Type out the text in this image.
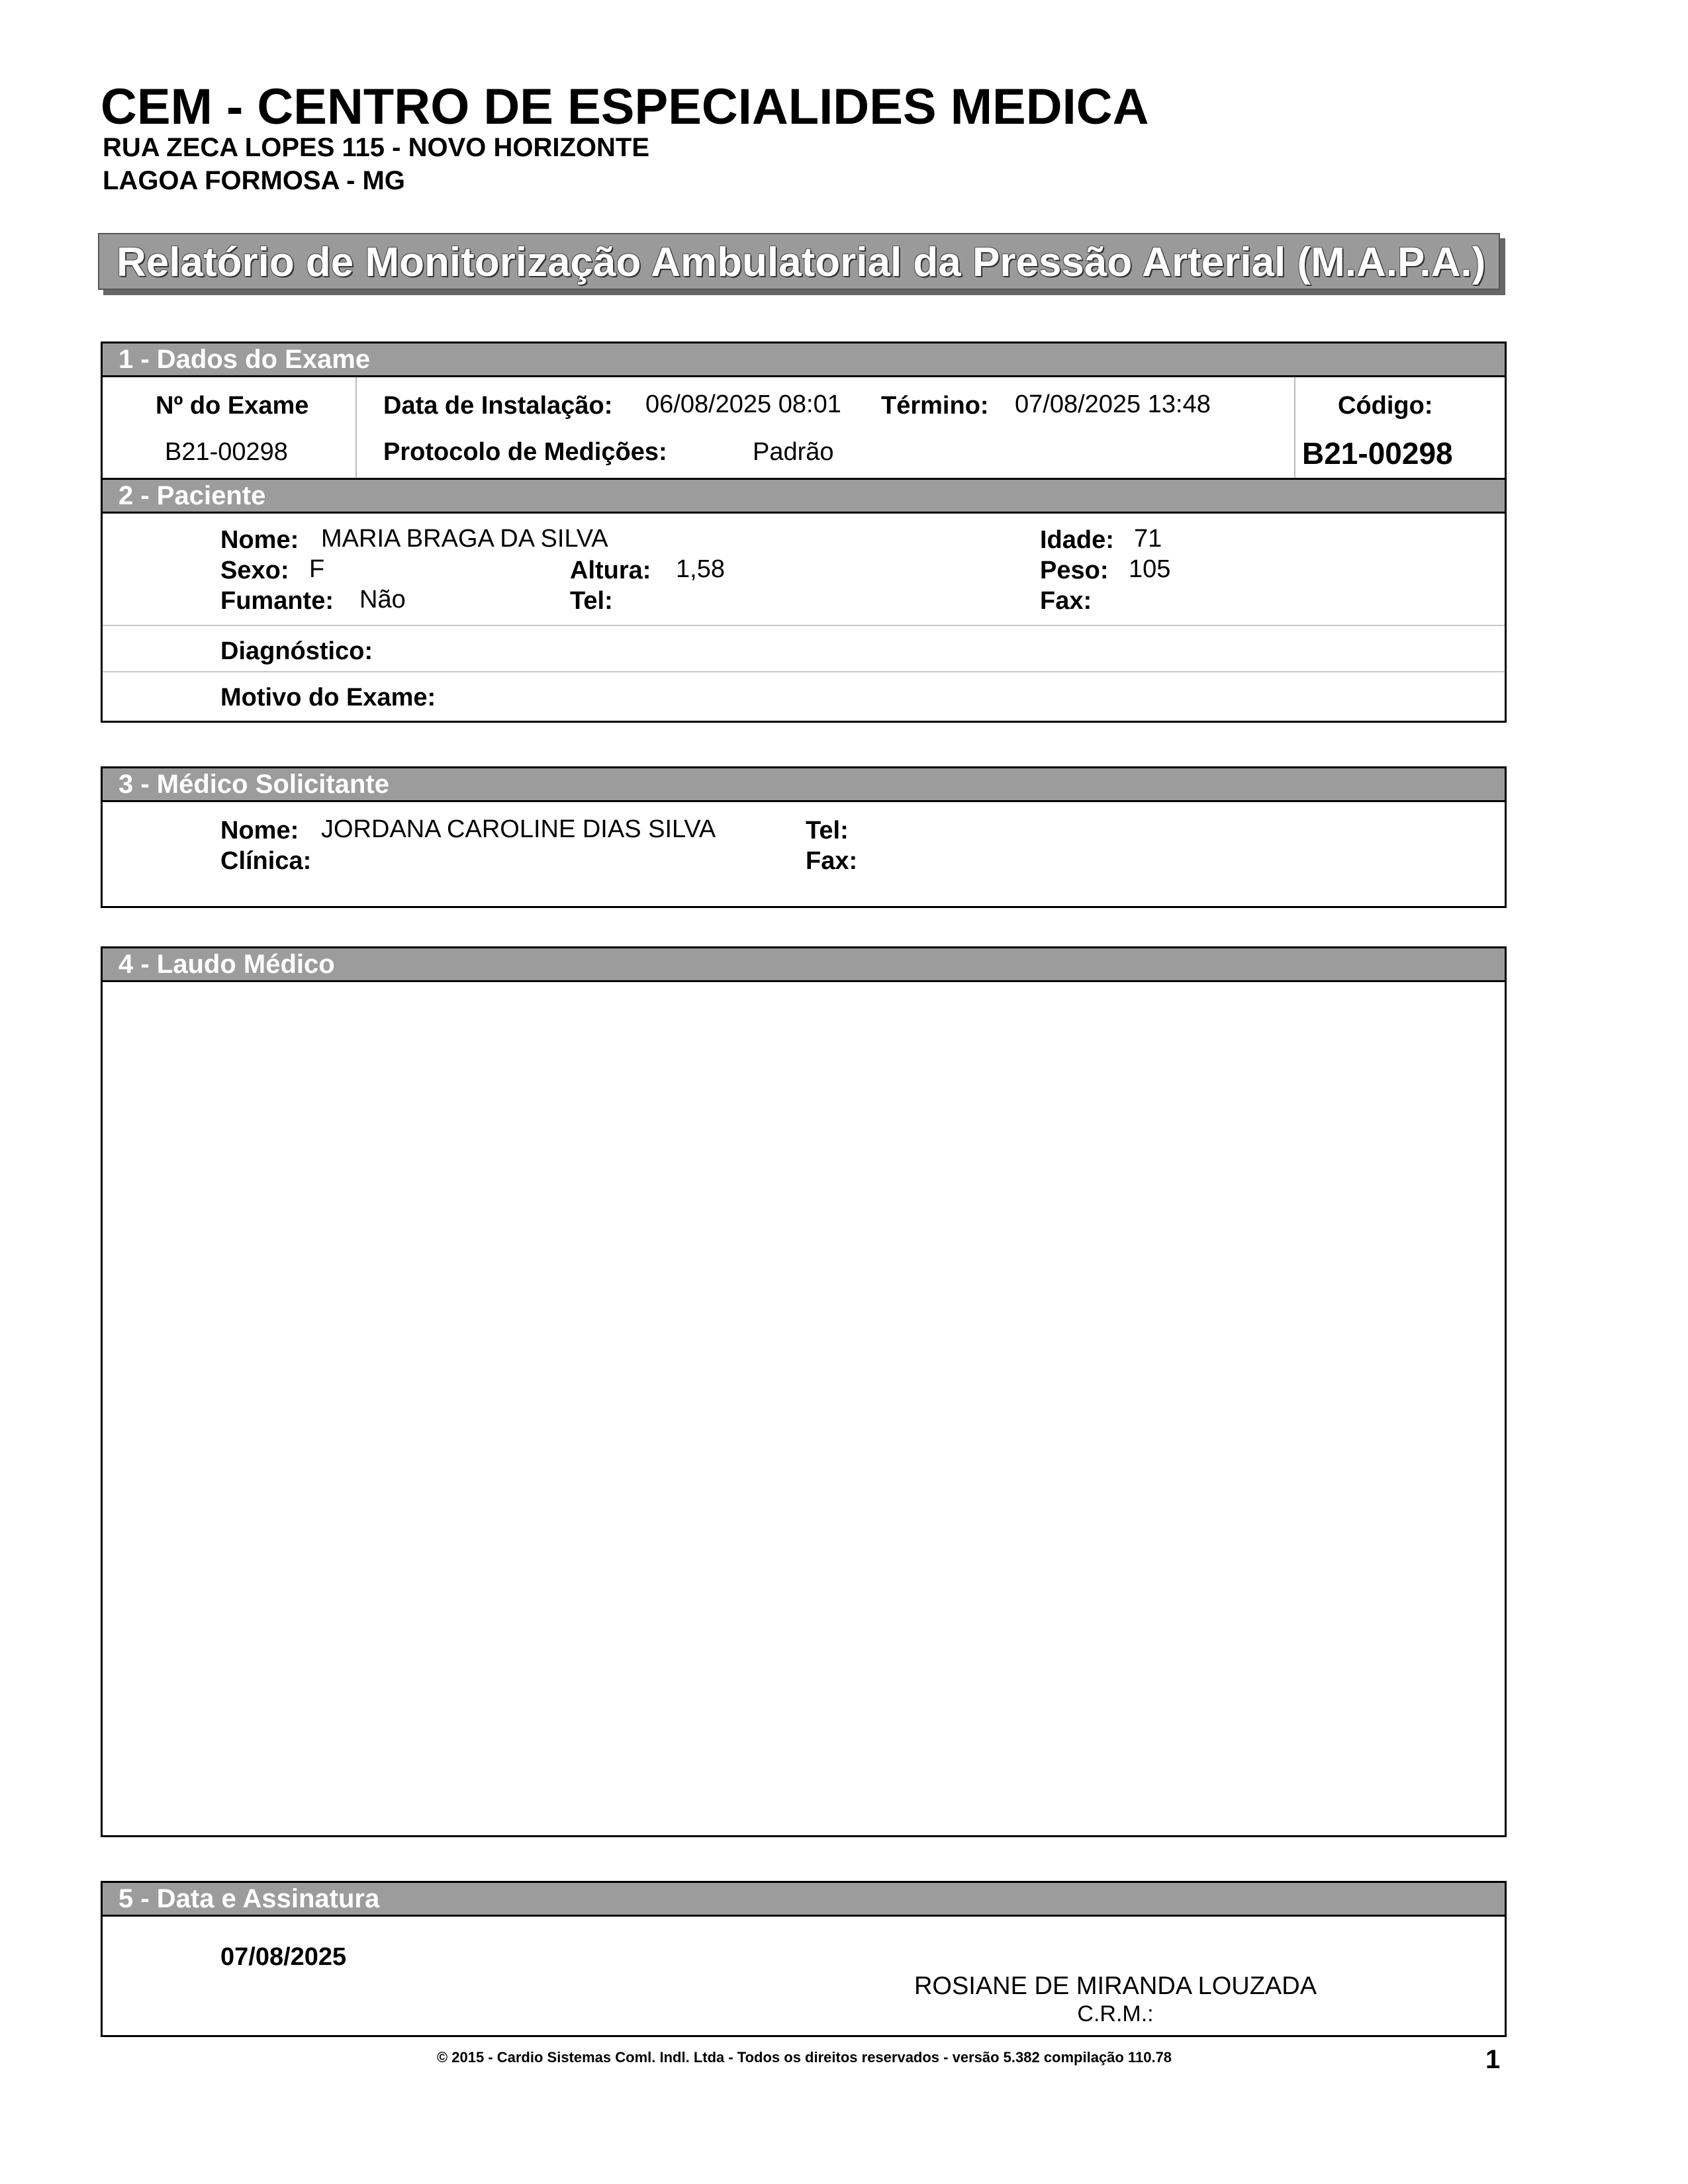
CEM - CENTRO DE ESPECIALIDES MEDICA
RUA ZECA LOPES 115 - NOVO HORIZONTE
LAGOA FORMOSA - MG
Relatório de Monitorização Ambulatorial da Pressão Arterial (M.A.P.A.)
1 - Dados do Exame
Nº do Exame
B21-00298
Data de Instalação: 06/08/2025 08:01 Término: 07/08/2025 13:48
Protocolo de Medições:	Padrão
Código:
B21-00298
2 - Paciente
Nome: MARIA BRAGA DA SILVA	Idade: 71
Sexo: F	Altura: 1,58	Peso: 105
Fumante: Não	Tel:	Fax:
Diagnóstico:
Motivo do Exame:
3 - Médico Solicitante
Nome: JORDANA CAROLINE DIAS SILVA	Tel:
Clínica:	Fax:
4 - Laudo Médico
5 - Data e Assinatura
07/08/2025
ROSIANE DE MIRANDA LOUZADA
C.R.M.:
© 2015 - Cardio Sistemas Coml. Indl. Ltda - Todos os direitos reservados - versão 5.382 compilação 110.78	1
